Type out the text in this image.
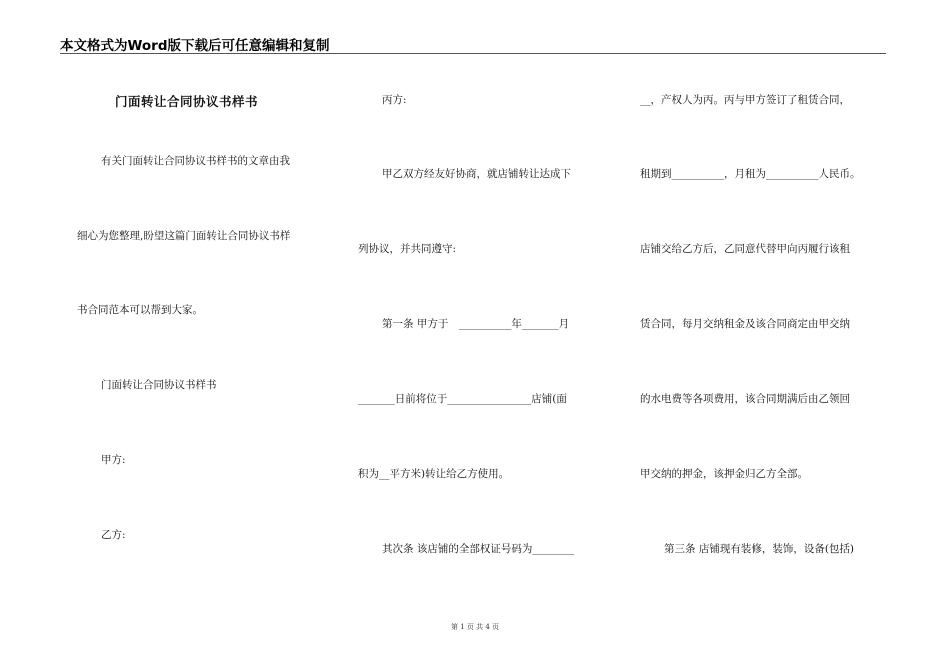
本文格式为Word版下载后可任意编辑和复制
门面转让合同协议书样书
有关门面转让合同协议书样书的文章由我
细心为您整理,盼望这篇门面转让合同协议书样
书合同范本可以帮到大家。
门面转让合同协议书样书
甲方:
乙方:
丙方:
甲乙双方经友好协商，就店铺转让达成下
列协议，并共同遵守:
第一条 甲方于　__________年_______月
_______日前将位于________________店铺(面
积为__平方米)转让给乙方使用。
其次条 该店铺的全部权证号码为________
__，产权人为丙。丙与甲方签订了租赁合同，
租期到__________，月租为__________人民币。
店铺交给乙方后，乙同意代替甲向丙履行该租
赁合同，每月交纳租金及该合同商定由甲交纳
的水电费等各项费用，该合同期满后由乙领回
甲交纳的押金，该押金归乙方全部。
第三条 店铺现有装修，装饰，设备(包括)
第 1 页 共 4 页
